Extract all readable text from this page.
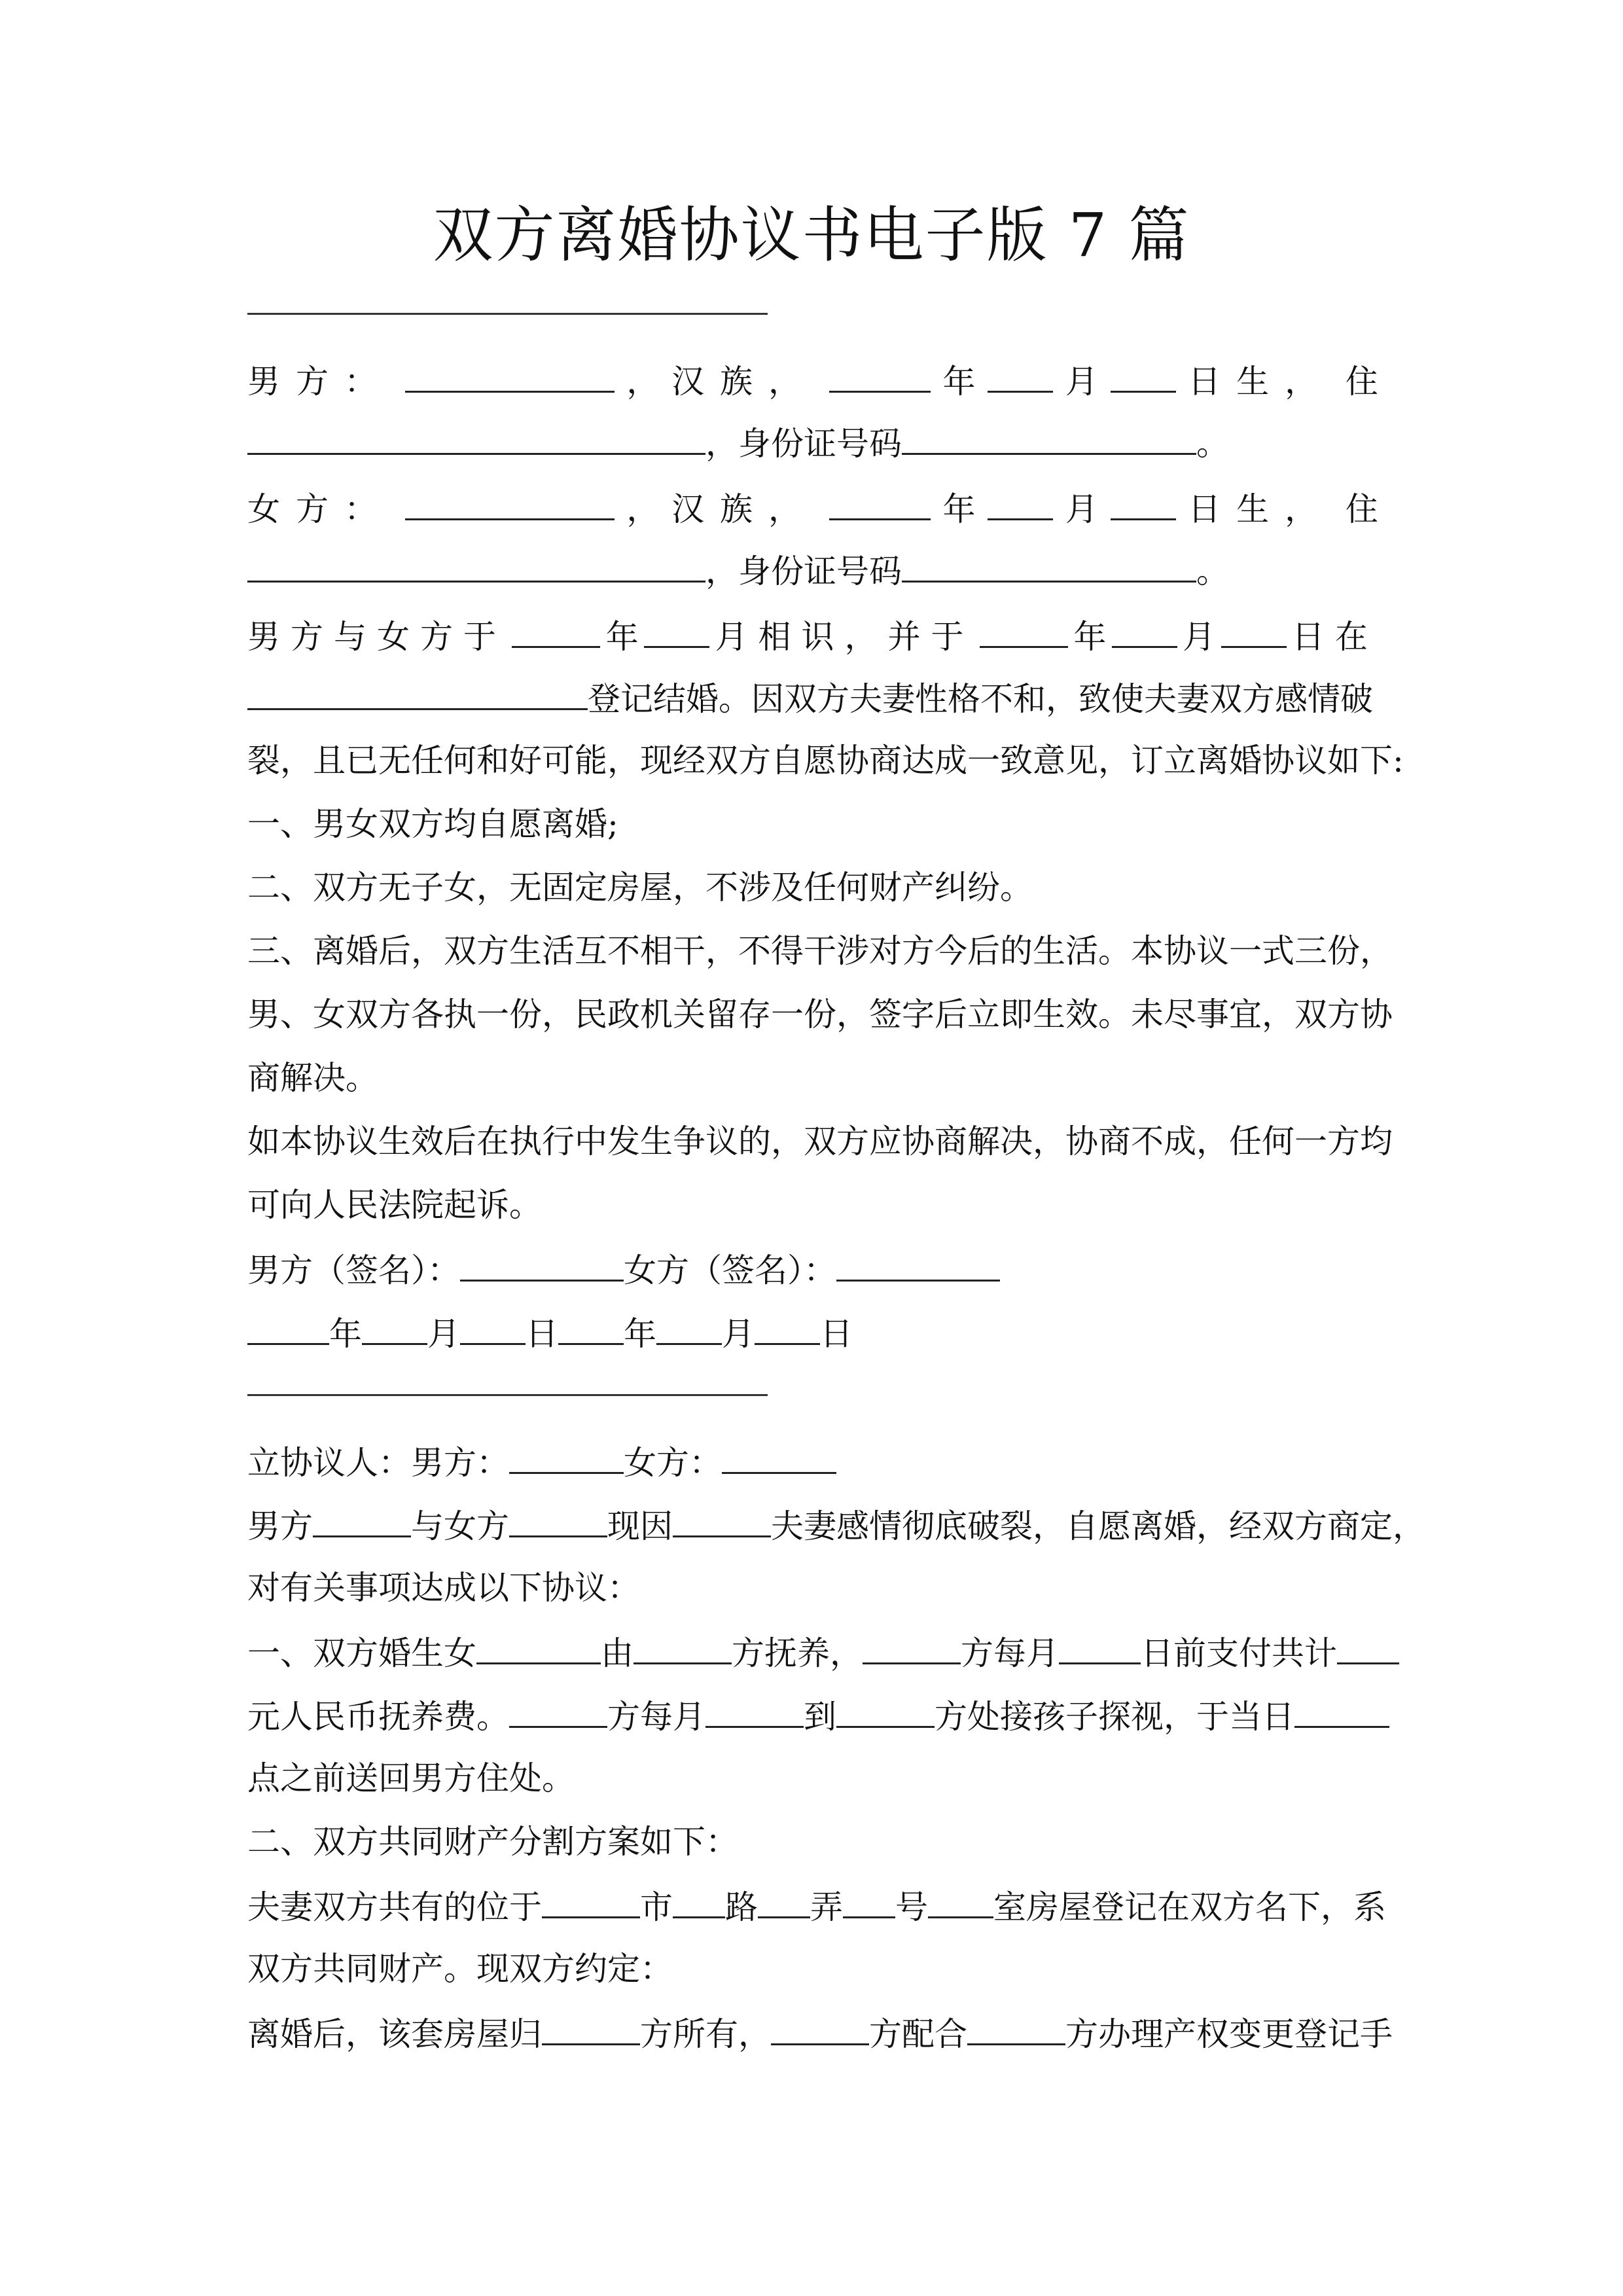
双方离婚协议书电子版 7 篇
男方：	， 汉族，	年	月	日生， 住
，身份证号码	。
女方：	， 汉族，	年	月	日生， 住
，身份证号码	。
男方与女方于	年 月相识，并于	年 月 日在
登记结婚。因双方夫妻性格不和，致使夫妻双方感情破
裂，且已无任何和好可能，现经双方自愿协商达成一致意见，订立离婚协议如下:
一、男女双方均自愿离婚;
二、双方无子女，无固定房屋，不涉及任何财产纠纷。
三、离婚后，双方生活互不相干，不得干涉对方今后的生活。本协议一式三份，
男、女双方各执一份，民政机关留存一份，签字后立即生效。未尽事宜，双方协
商解决。
如本协议生效后在执行中发生争议的，双方应协商解决，协商不成，任何一方均
可向人民法院起诉。
男方（签名）：	女方（签名）：
年 月 日 年 月 日
立协议人：男方：	女方：
男方	与女方	现因	夫妻感情彻底破裂，自愿离婚，经双方商定，
对有关事项达成以下协议：
一、双方婚生女	由	方抚养，	方每月	日前支付共计
元人民币抚养费。	方每月	到	方处接孩子探视，于当日
点之前送回男方住处。
二、双方共同财产分割方案如下：
夫妻双方共有的位于	市 路 弄 号 室房屋登记在双方名下，系
双方共同财产。现双方约定：
离婚后，该套房屋归	方所有，	方配合	方办理产权变更登记手
